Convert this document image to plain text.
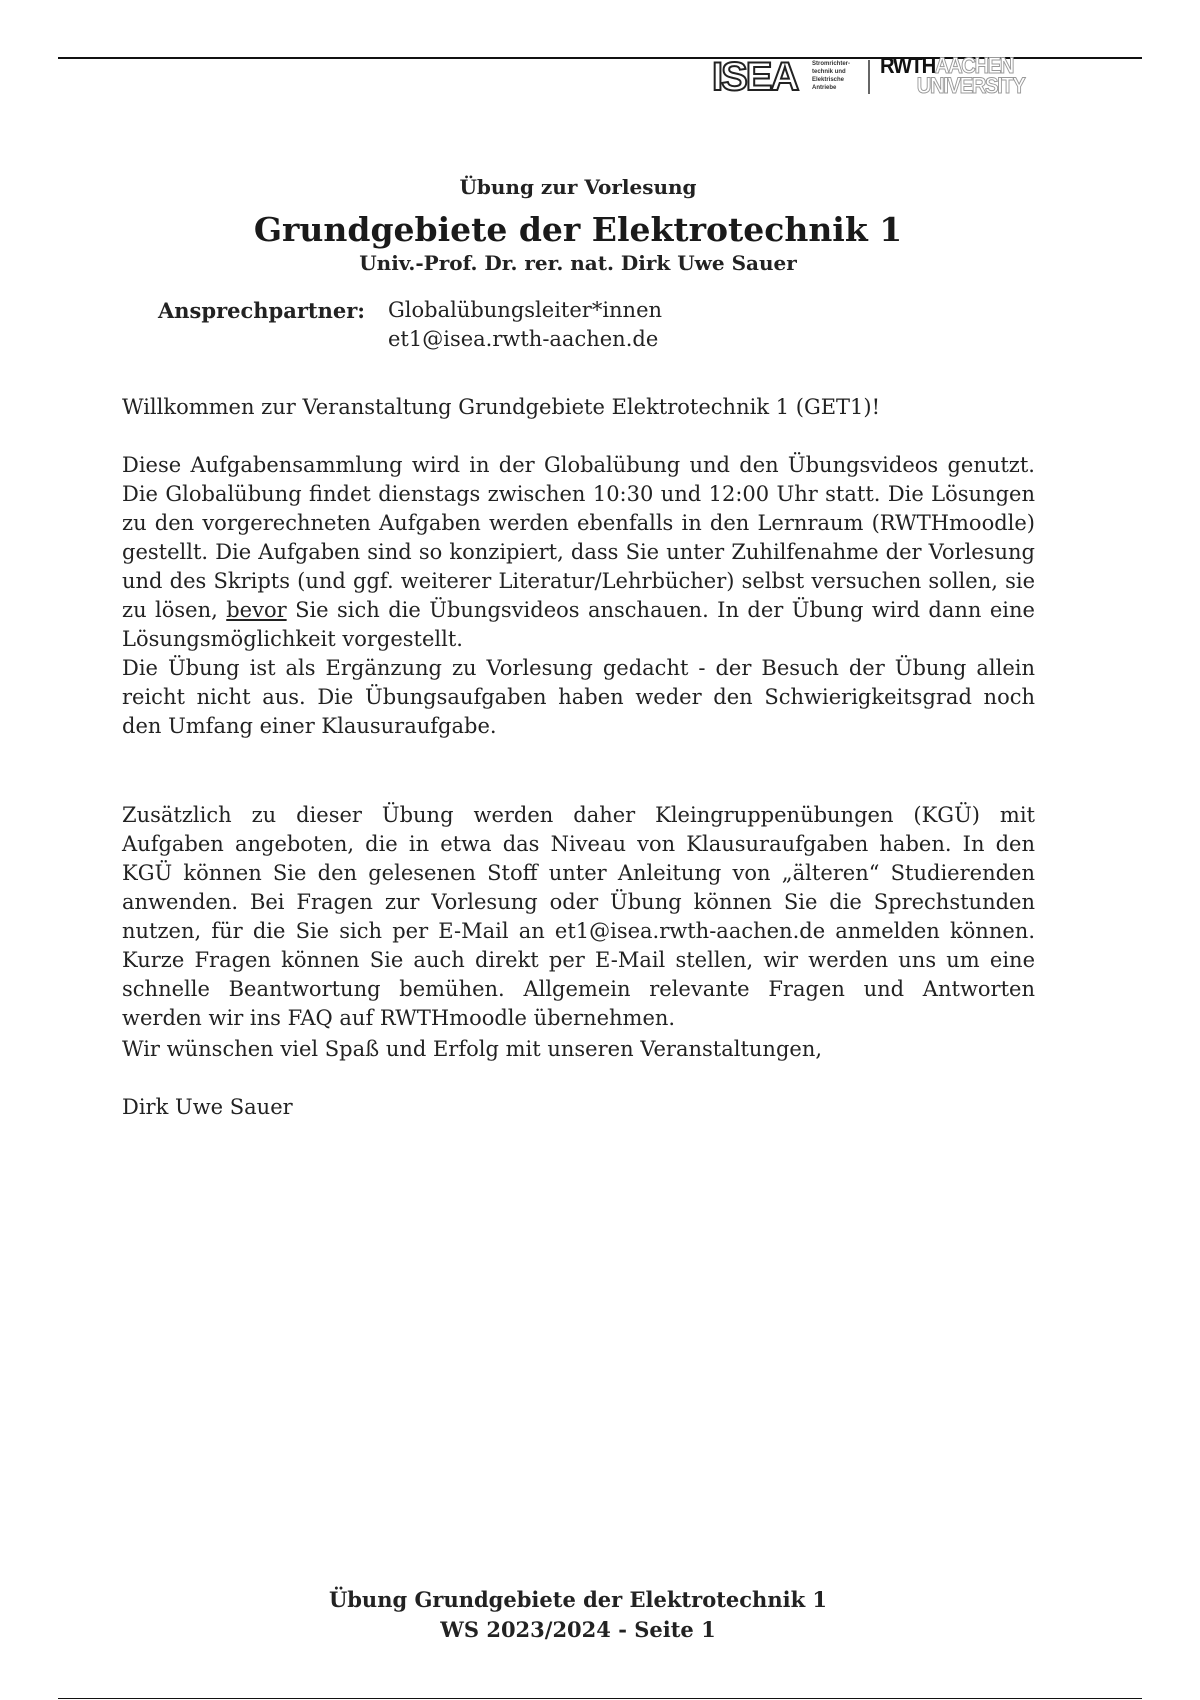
ISEA Stromrichter-
technik und
Elektrische
Antriebe
RWTHAACHEN
UNIVERSITY
Übung zur Vorlesung
Grundgebiete der Elektrotechnik 1
Univ.-Prof. Dr. rer. nat. Dirk Uwe Sauer
Ansprechpartner: Globalübungsleiter*innen
et1@isea.rwth-aachen.de

Willkommen zur Veranstaltung Grundgebiete Elektrotechnik 1 (GET1)!

Diese Aufgabensammlung wird in der Globalübung und den Übungsvideos genutzt. Die Globalübung findet dienstags zwischen 10:30 und 12:00 Uhr statt. Die Lösungen zu den vorgerechneten Aufgaben werden ebenfalls in den Lernraum (RWTHmoodle) gestellt. Die Aufgaben sind so konzipiert, dass Sie unter Zuhilfenahme der Vorlesung und des Skripts (und ggf. weiterer Literatur/Lehrbücher) selbst versuchen sollen, sie zu lösen, bevor Sie sich die Übungsvideos anschauen. In der Übung wird dann eine Lösungsmöglichkeit vorgestellt.

Die Übung ist als Ergänzung zu Vorlesung gedacht - der Besuch der Übung allein reicht nicht aus. Die Übungsaufgaben haben weder den Schwierigkeitsgrad noch den Umfang einer Klausuraufgabe.

Zusätzlich zu dieser Übung werden daher Kleingruppenübungen (KGÜ) mit Aufgaben angeboten, die in etwa das Niveau von Klausuraufgaben haben. In den KGÜ können Sie den gelesenen Stoff unter Anleitung von „älteren“ Studierenden anwenden. Bei Fragen zur Vorlesung oder Übung können Sie die Sprechstunden nutzen, für die Sie sich per E-Mail an et1@isea.rwth-aachen.de anmelden können. Kurze Fragen können Sie auch direkt per E-Mail stellen, wir werden uns um eine schnelle Beantwortung bemühen. Allgemein relevante Fragen und Antworten werden wir ins FAQ auf RWTHmoodle übernehmen.

Wir wünschen viel Spaß und Erfolg mit unseren Veranstaltungen,

Dirk Uwe Sauer

Übung Grundgebiete der Elektrotechnik 1
WS 2023/2024 - Seite 1
